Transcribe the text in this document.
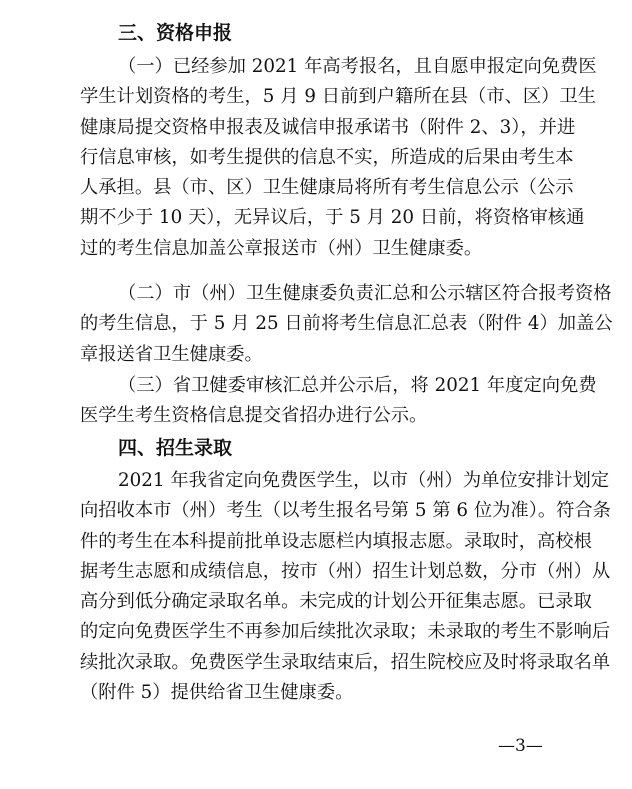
三、资格申报
（一）已经参加 2021 年高考报名，且自愿申报定向免费医
学生计划资格的考生，5 月 9 日前到户籍所在县（市、区）卫生
健康局提交资格申报表及诚信申报承诺书（附件 2、3），并进
行信息审核，如考生提供的信息不实，所造成的后果由考生本
人承担。县（市、区）卫生健康局将所有考生信息公示（公示
期不少于 10 天），无异议后，于 5 月 20 日前，将资格审核通
过的考生信息加盖公章报送市（州）卫生健康委。
（二）市（州）卫生健康委负责汇总和公示辖区符合报考资格
的考生信息，于 5 月 25 日前将考生信息汇总表（附件 4）加盖公
章报送省卫生健康委。
（三）省卫健委审核汇总并公示后，将 2021 年度定向免费
医学生考生资格信息提交省招办进行公示。
四、招生录取
2021 年我省定向免费医学生，以市（州）为单位安排计划定
向招收本市（州）考生（以考生报名号第 5 第 6 位为准）。符合条
件的考生在本科提前批单设志愿栏内填报志愿。录取时，高校根
据考生志愿和成绩信息，按市（州）招生计划总数，分市（州）从
高分到低分确定录取名单。未完成的计划公开征集志愿。已录取
的定向免费医学生不再参加后续批次录取；未录取的考生不影响后
续批次录取。免费医学生录取结束后，招生院校应及时将录取名单
（附件 5）提供给省卫生健康委。
—3—
